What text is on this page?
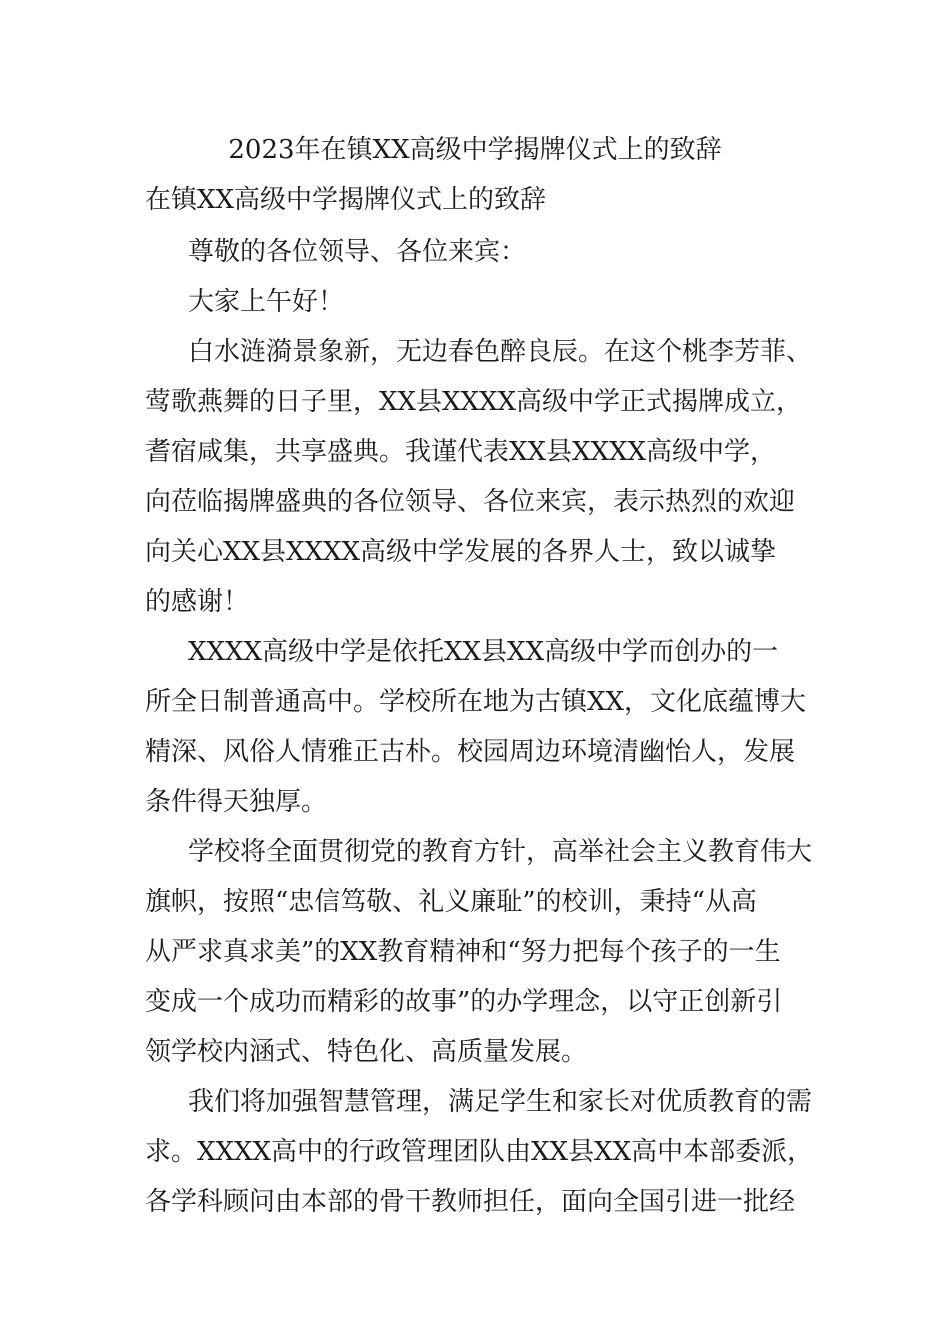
2023年在镇XX高级中学揭牌仪式上的致辞
在镇XX高级中学揭牌仪式上的致辞
尊敬的各位领导、各位来宾：
大家上午好！
白水涟漪景象新，无边春色醉良辰。在这个桃李芳菲、
莺歌燕舞的日子里，XX县XXXX高级中学正式揭牌成立，
耆宿咸集，共享盛典。我谨代表XX县XXXX高级中学，
向莅临揭牌盛典的各位领导、各位来宾，表示热烈的欢迎
向关心XX县XXXX高级中学发展的各界人士，致以诚挚
的感谢！
XXXX高级中学是依托XX县XX高级中学而创办的一
所全日制普通高中。学校所在地为古镇XX，文化底蕴博大
精深、风俗人情雅正古朴。校园周边环境清幽怡人，发展
条件得天独厚。
学校将全面贯彻党的教育方针，高举社会主义教育伟大
旗帜，按照“忠信笃敬、礼义廉耻”的校训，秉持“从高
从严求真求美”的XX教育精神和“努力把每个孩子的一生
变成一个成功而精彩的故事”的办学理念，以守正创新引
领学校内涵式、特色化、高质量发展。
我们将加强智慧管理，满足学生和家长对优质教育的需
求。XXXX高中的行政管理团队由XX县XX高中本部委派，
各学科顾问由本部的骨干教师担任，面向全国引进一批经
